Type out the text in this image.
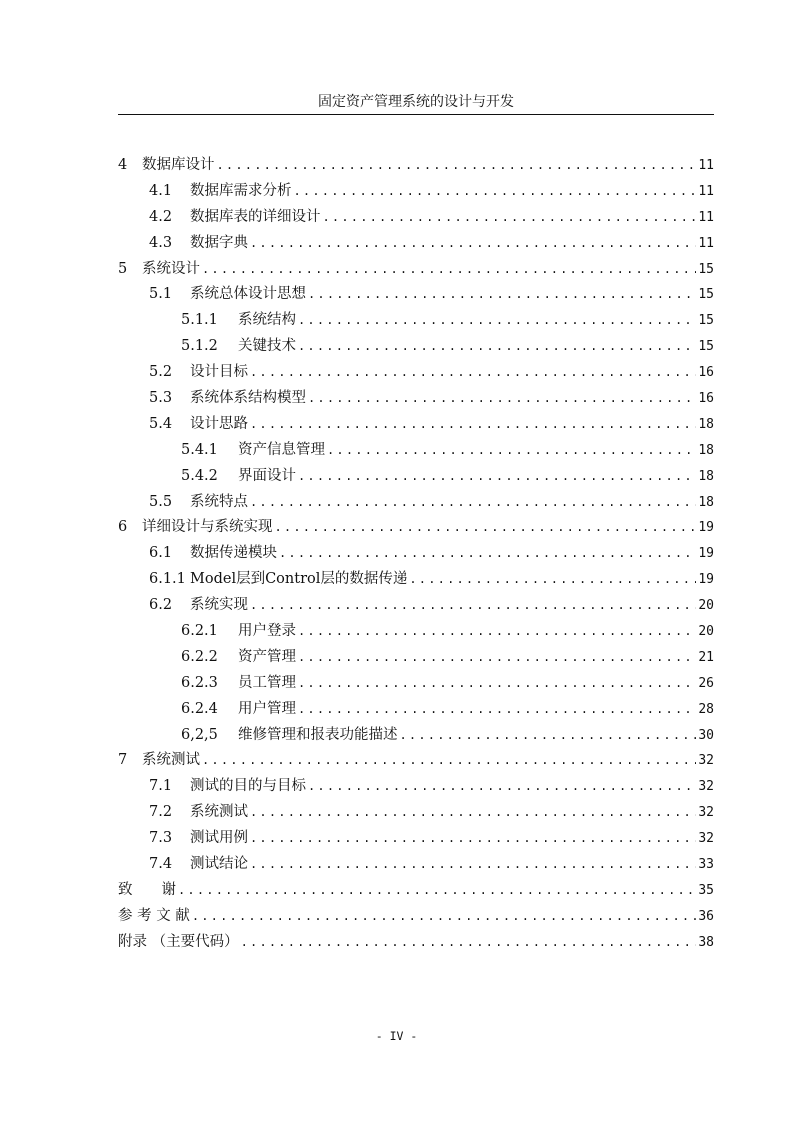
固定资产管理系统的设计与开发
4	数据库设计 .....	11
4.1	数据库需求分析 .....	11
4.2	数据库表的详细设计 .....	11
4.3	数据字典 .....	11
5	系统设计 .....	15
5.1	系统总体设计思想 .....	15
5.1.1	系统结构 .....	15
5.1.2	关键技术 .....	15
5.2	设计目标 .....	16
5.3	系统体系结构模型 .....	16
5.4	设计思路 .....	18
5.4.1	资产信息管理 .....	18
5.4.2	界面设计 .....	18
5.5	系统特点 .....	18
6	详细设计与系统实现 .....	19
6.1	数据传递模块 .....	19
6.1.1 Model层到Control层的数据传递 .....	19
6.2	系统实现 .....	20
6.2.1	用户登录 .....	20
6.2.2	资产管理 .....	21
6.2.3	员工管理 .....	26
6.2.4	用户管理 .....	28
6,2,5	维修管理和报表功能描述 .....	30
7	系统测试 .....	32
7.1	测试的目的与目标 .....	32
7.2	系统测试 .....	32
7.3	测试用例 .....	32
7.4	测试结论 .....	33
致　　谢 .....	35
参 考 文 献 .....	36
附录 （主要代码） .....	38
- IV -
